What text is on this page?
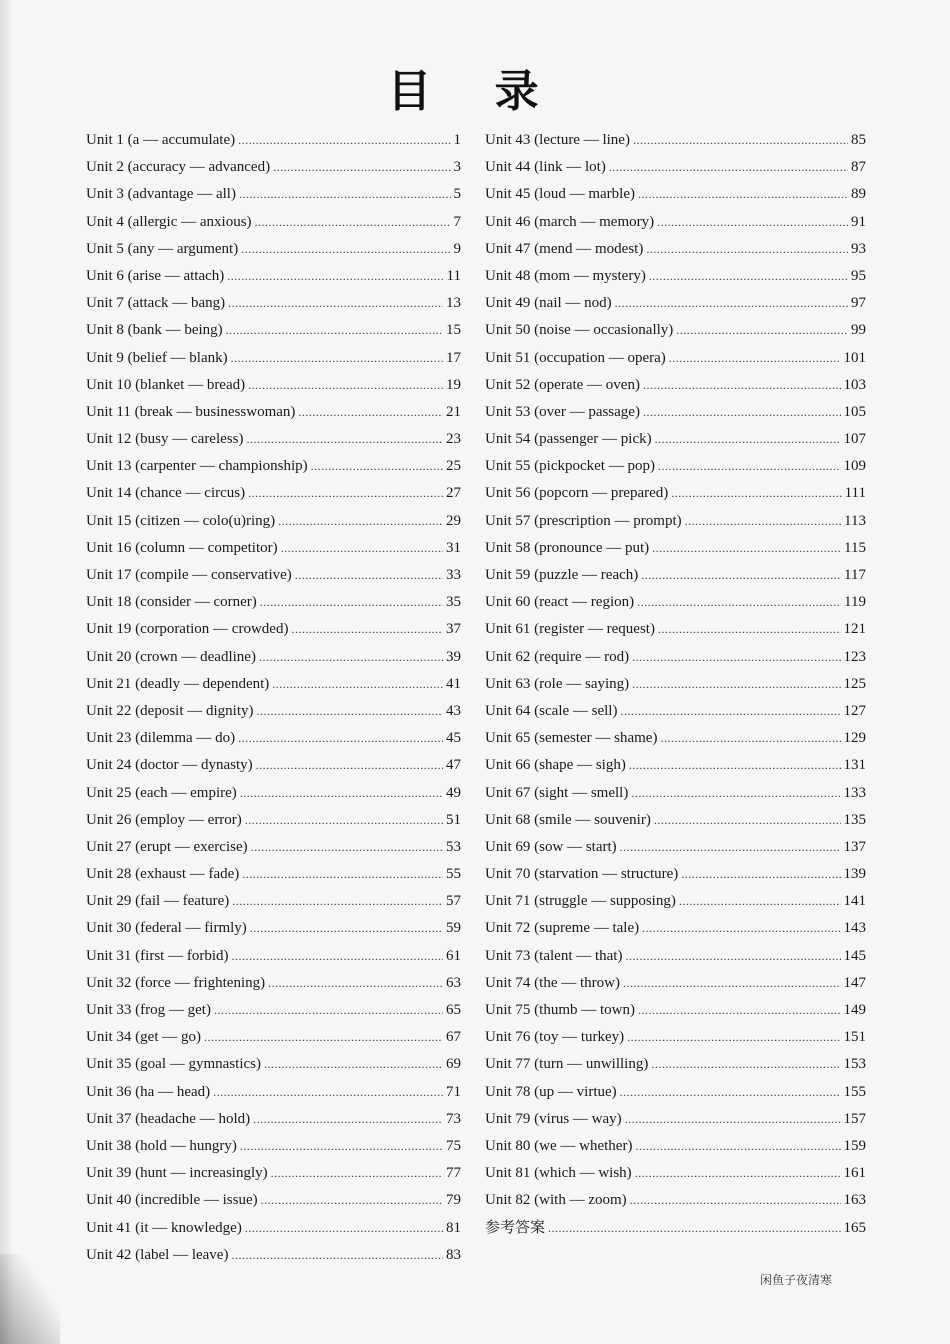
目 录
Unit 1 (a — accumulate) .....	1
Unit 2 (accuracy — advanced) .....	3
Unit 3 (advantage — all) .....	5
Unit 4 (allergic — anxious) .....	7
Unit 5 (any — argument) .....	9
Unit 6 (arise — attach) .....	11
Unit 7 (attack — bang) .....	13
Unit 8 (bank — being) .....	15
Unit 9 (belief — blank) .....	17
Unit 10 (blanket — bread) .....	19
Unit 11 (break — businesswoman) .....	21
Unit 12 (busy — careless) .....	23
Unit 13 (carpenter — championship) .....	25
Unit 14 (chance — circus) .....	27
Unit 15 (citizen — colo(u)ring) .....	29
Unit 16 (column — competitor) .....	31
Unit 17 (compile — conservative) .....	33
Unit 18 (consider — corner) .....	35
Unit 19 (corporation — crowded) .....	37
Unit 20 (crown — deadline) .....	39
Unit 21 (deadly — dependent) .....	41
Unit 22 (deposit — dignity) .....	43
Unit 23 (dilemma — do) .....	45
Unit 24 (doctor — dynasty) .....	47
Unit 25 (each — empire) .....	49
Unit 26 (employ — error) .....	51
Unit 27 (erupt — exercise) .....	53
Unit 28 (exhaust — fade) .....	55
Unit 29 (fail — feature) .....	57
Unit 30 (federal — firmly) .....	59
Unit 31 (first — forbid) .....	61
Unit 32 (force — frightening) .....	63
Unit 33 (frog — get) .....	65
Unit 34 (get — go) .....	67
Unit 35 (goal — gymnastics) .....	69
Unit 36 (ha — head) .....	71
Unit 37 (headache — hold) .....	73
Unit 38 (hold — hungry) .....	75
Unit 39 (hunt — increasingly) .....	77
Unit 40 (incredible — issue) .....	79
Unit 41 (it — knowledge) .....	81
Unit 42 (label — leave) .....	83
Unit 43 (lecture — line) .....	85
Unit 44 (link — lot) .....	87
Unit 45 (loud — marble) .....	89
Unit 46 (march — memory) .....	91
Unit 47 (mend — modest) .....	93
Unit 48 (mom — mystery) .....	95
Unit 49 (nail — nod) .....	97
Unit 50 (noise — occasionally) .....	99
Unit 51 (occupation — opera) .....	101
Unit 52 (operate — oven) .....	103
Unit 53 (over — passage) .....	105
Unit 54 (passenger — pick) .....	107
Unit 55 (pickpocket — pop) .....	109
Unit 56 (popcorn — prepared) .....	111
Unit 57 (prescription — prompt) .....	113
Unit 58 (pronounce — put) .....	115
Unit 59 (puzzle — reach) .....	117
Unit 60 (react — region) .....	119
Unit 61 (register — request) .....	121
Unit 62 (require — rod) .....	123
Unit 63 (role — saying) .....	125
Unit 64 (scale — sell) .....	127
Unit 65 (semester — shame) .....	129
Unit 66 (shape — sigh) .....	131
Unit 67 (sight — smell) .....	133
Unit 68 (smile — souvenir) .....	135
Unit 69 (sow — start) .....	137
Unit 70 (starvation — structure) .....	139
Unit 71 (struggle — supposing) .....	141
Unit 72 (supreme — tale) .....	143
Unit 73 (talent — that) .....	145
Unit 74 (the — throw) .....	147
Unit 75 (thumb — town) .....	149
Unit 76 (toy — turkey) .....	151
Unit 77 (turn — unwilling) .....	153
Unit 78 (up — virtue) .....	155
Unit 79 (virus — way) .....	157
Unit 80 (we — whether) .....	159
Unit 81 (which — wish) .....	161
Unit 82 (with — zoom) .....	163
参考答案 .....	165
闲鱼子夜清寒
